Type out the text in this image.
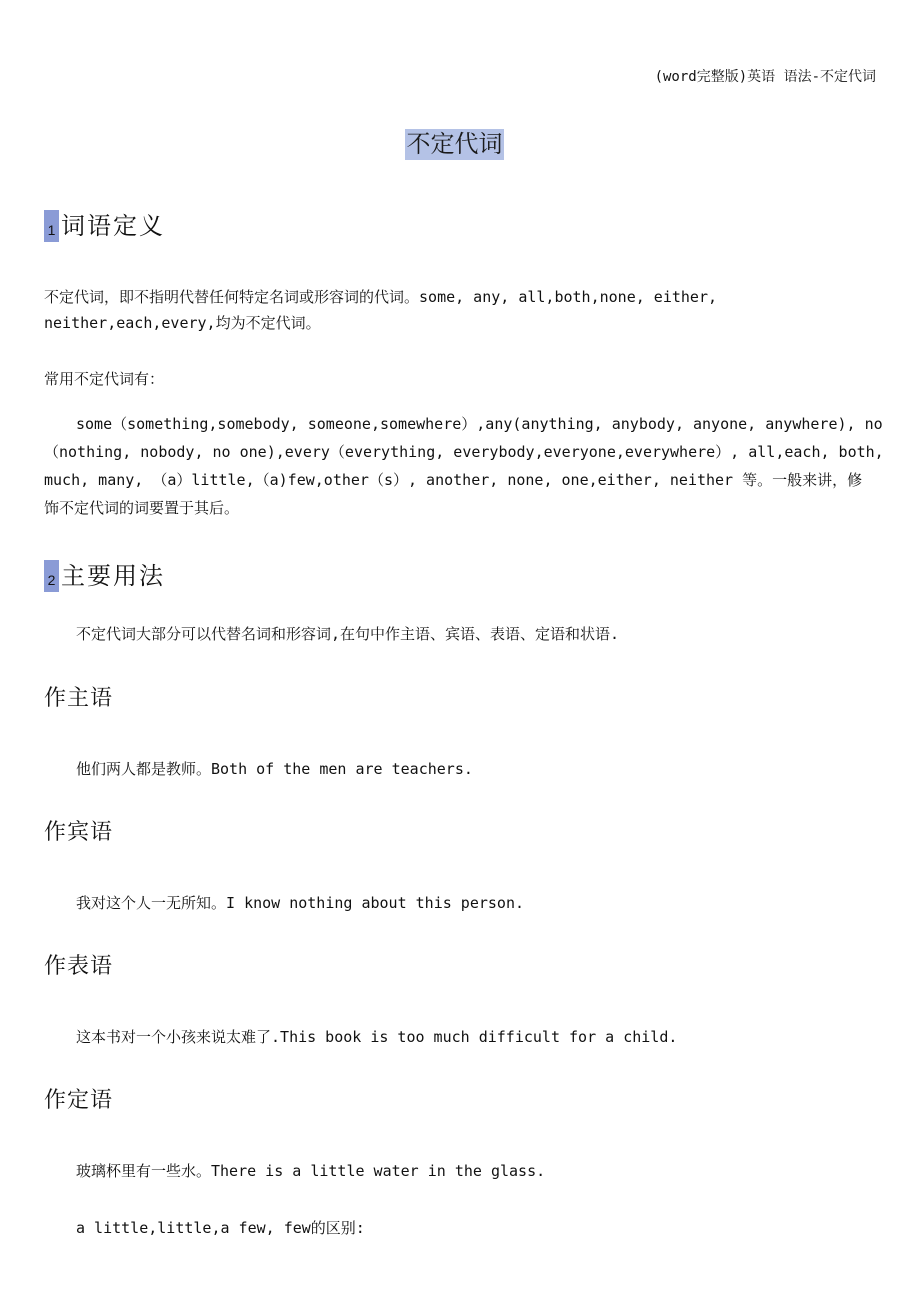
(word完整版)英语 语法-不定代词
不定代词
1 词语定义
不定代词，即不指明代替任何特定名词或形容词的代词。some, any, all,both,none, either, neither,each,every,均为不定代词。
常用不定代词有：
some（something,somebody, someone,somewhere）,any(anything, anybody, anyone, anywhere), no
（nothing, nobody, no one),every（everything, everybody,everyone,everywhere）, all,each, both,
much, many, （a）little,（a)few,other（s）, another, none, one,either, neither 等。一般来讲，修
饰不定代词的词要置于其后。
2 主要用法
不定代词大部分可以代替名词和形容词,在句中作主语、宾语、表语、定语和状语.
作主语
他们两人都是教师。Both of the men are teachers.
作宾语
我对这个人一无所知。I know nothing about this person.
作表语
这本书对一个小孩来说太难了.This book is too much difficult for a child.
作定语
玻璃杯里有一些水。There is a little water in the glass.
a little,little,a few, few的区别:
